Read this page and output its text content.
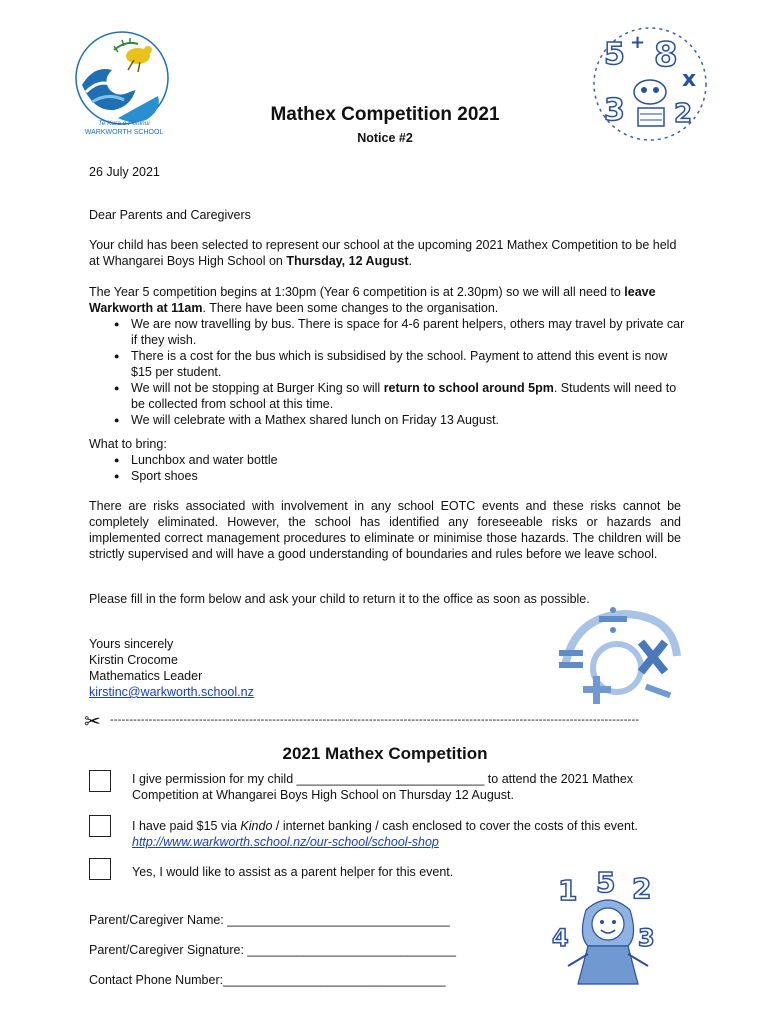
Te Kura o Puhinui
WARKWORTH SCHOOL
5 8
3 2
x
+
Mathex Competition 2021
Notice #2

26 July 2021

Dear Parents and Caregivers

Your child has been selected to represent our school at the upcoming 2021 Mathex Competition to be held at Whangarei Boys High School on Thursday, 12 August.

The Year 5 competition begins at 1:30pm (Year 6 competition is at 2.30pm) so we will all need to leave Warkworth at 11am. There have been some changes to the organisation.

● We are now travelling by bus. There is space for 4-6 parent helpers, others may travel by private car if they wish.
● There is a cost for the bus which is subsidised by the school. Payment to attend this event is now $15 per student.
● We will not be stopping at Burger King so will return to school around 5pm. Students will need to be collected from school at this time.
● We will celebrate with a Mathex shared lunch on Friday 13 August.

What to bring:

● Lunchbox and water bottle
● Sport shoes

There are risks associated with involvement in any school EOTC events and these risks cannot be completely eliminated. However, the school has identified any foreseeable risks or hazards and implemented correct management procedures to eliminate or minimise those hazards. The children will be strictly supervised and will have a good understanding of boundaries and rules before we leave school.

Please fill in the form below and ask your child to return it to the office as soon as possible.

Yours sincerely

Kirstin Crocome

Mathematics Leader

kirstinc@warkworth.school.nz

✂ -----------------------------------------------------------------------------------------------------------------------------------------
2021 Mathex Competition

I give permission for my child ___________________________ to attend the 2021 Mathex

Competition at Whangarei Boys High School on Thursday 12 August.

I have paid $15 via Kindo / internet banking / cash enclosed to cover the costs of this event.

http://www.warkworth.school.nz/our-school/school-shop

Yes, I would like to assist as a parent helper for this event.

Parent/Caregiver Name: ________________________________

Parent/Caregiver Signature: ______________________________

Contact Phone Number:________________________________

1 5 2
4	3
